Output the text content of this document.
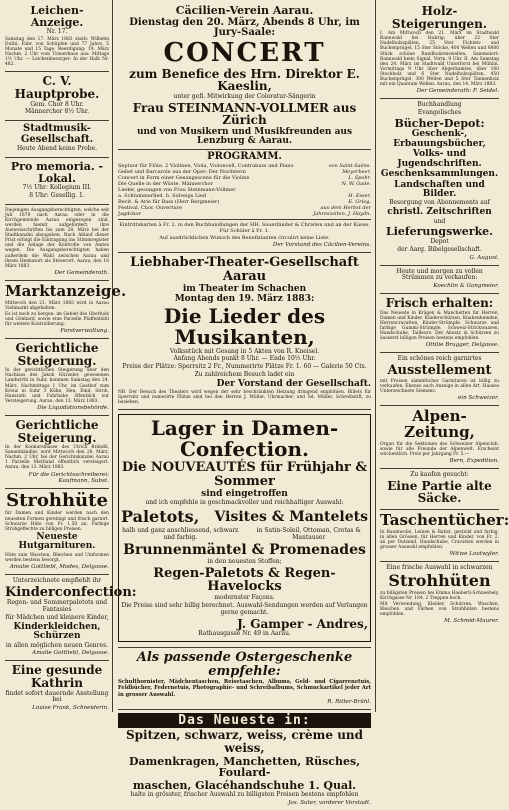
Leichen-Anzeige.
Nr. 17.
Samstag den 17. März 1883 starb: Wilhelm Duthi, Fabr. von Schüpfen und 77 Jahre, 5 Monate und 15 Tage. Beerdigung: 19. März Nachm. 2 Uhr vom Trauerhaus aus: Mittags 1½ Uhr. — Leichenbesorger: In der Halb Nr. 482.
C. V. Hauptprobe.
Gem. Chor 8 Uhr.
Männerchor 8½ Uhr.
Stadtmusik-Gesellschaft.
Heute Abend keine Probe.
Pro memoria. - Lokal.
7½ Uhr: Kollegium III.
8 Uhr: Gesellig. 1.
Diejenigen Ausgangsberechtigten, welche seit Juli 1879 nach Aarau oder in die Kirchgemeinde Aarau eingezogen sind, werden hiemit aufgefordert, ihre Ausweisschriften bis zum 28. März bei der Stadtkanzlei abzugeben. Nach Ablauf dieser Frist erfolgt die Eintragung ins Stimmregister und die Anlage der Kontrolle von Amtes wegen. Die Ausgangsberechtigten haben außerdem die Wahl zwischen Aarau und ihrem Heimatort als Steuerort. Aarau, den 16 März 1883.
Der Gemeinderath.
Marktanzeige.
Mittwoch den 21. März 1883 wird in Aarau Viehmarkt abgehalten.
Es ist noch zu bergen: im Gebiet des Oberholz und Gönhard, sowie eine Parzelle Pfaffenbühl für weitere Kontrollierung.
Forstverwaltung.
Gerichtliche Steigerung.
In der gerichtlichen Steigerung über den Nachlass des Jakob Hürzeler, gewesenen Landwirth in Suhr, kommen Samstag den 24. März, Nachmittags 1 Uhr, im Gasthof zum Kreuz in Suhr 3 Kühe, Heu, Emd, Stroh, Hausrath und Fahrhabe öffentlich zur Versteigerung. Aarau, den 13. März 1883.
Die Liquidationsbehörde.
Gerichtliche Steigerung.
In der Konkursmasse des Ulrich Brändli, Samenhändler, wird Mittwoch den 28. März, Nachm. 2 Uhr, bei der Gerichtskanzlei Aarau 1 Parzelle Mattland öffentlich versteigert. Aarau, den 13. März 1883.
Für die Gerichtsschreiberei: Kaufmann, Subst.
Strohhüte
für Damen und Kinder werden nach den neuesten Formen gereinigt und frisch garnirt. Schwarze Hüte von Fr. 1.50 an. Farbige Strohgeflechte zu billigen Preisen.
Neueste Hutgarnituren.
Hüte zum Waschen, Bleichen und Umformen werden bestens besorgt.
Amalie Gottliebl, Modes, Delgasse.
Unterzeichnete empfiehlt ihr
Kinderconfection:
Regen- und Sommerpaletots und Fantasies
für Mädchen und kleinere Kinder,
Kinderkleidchen, Schürzen
in allen möglichen neuen Genres.
Amalie Gottliebl, Delgasse.
Eine gesunde Kathrin
findet sofort dauernde Anstellung bei
Louise Frank, Schneiderin.
Cäcilien-Verein Aarau.
Dienstag den 20. März, Abends 8 Uhr, im Jury-Saale:
CONCERT
zum Benefice des Hrn. Direktor E. Kaeslin,
unter gefl. Mitwirkung der Coloratur-Sängerin
Frau STEINMANN-VOLLMER aus Zürich
und von Musikern und Musikfreunden aus Lenzburg & Aarau.
PROGRAMM.
Septuor für Flöte, 2 Violinen, Viola, Violoncell, Contrabass und Piano	von Saint-Saëns.
Gebet und Barcarole aus der Oper: Der Nordstern	Meyerbeer.
Concert in Form einer Gesangsscene für die Violine	L. Spohr.
Die Quelle in der Wüste, Männerchor	N. W. Gade.
Lieder, gesungen von Frau Steinmann-Vollmer
a. Schlummerlied. b. Solveigs Lied	H. Esser.
Recit. & Arie für Bass (Herr Bergmeier)	E. Grieg.
Festival, Chor. Ouverture	aus dem Herbst der
Jagdchor	Jahreszeiten. J. Haydn.
Eintrittskarten à Fr. 2. in den Buchhandlungen der HH. Sauerländer & Christen und an der Kasse. Für Schüler à Fr. 1.
Auf ausdrücklichen Wunsch des Benefizianten circulirt keine Liste.
Der Vorstand des Cäcilien-Vereins.
Liebhaber-Theater-Gesellschaft Aarau
im Theater im Schachen
Montag den 19. März 1883:
Die Lieder des Musikanten,
Volksstück mit Gesang in 5 Akten von R. Kneisel.
Anfang Abends punkt 8 Uhr. — Ende 10½ Uhr.
Preise der Plätze: Sperrsitz 2 Fr., Nummerirte Plätze Fr. 1. 60 — Galerie 50 Cts.
Zu zahlreichem Besuch ladet ein
Der Vorstand der Gesellschaft.
NB. Der Besuch des Theaters wird wegen der sehr beschränkten Heizung dringend empfohlen. Billets für Sperrsitz und numerirte Plätze sind bei den Herren J. Müller, Uhrmacher, und Sd. Müller, Schreibstift, zu beziehen.
Lager in Damen-Confection.
Die NOUVEAUTÉS für Frühjahr & Sommer
sind eingetroffen
und ich empfehle in geschmackvoller und reichhaltiger Auswahl:
Paletots, Visites & Mantelets
halb und ganz anschliessend, schwarz und farbig.
in Satin-Soleil, Ottoman, Cretas & Mantauser
Brunnenmäntel & Promenades
in den neuesten Stoffen;
Regen-Paletots & Regen-Havelocks
modernster Façons.
Die Preise sind sehr billig berechnet. Auswahl-Sendungen werden auf Verlangen gerne gemacht.
J. Gamper - Andres,
Rathausgasse Nr. 49 in Aarau.
Als passende Ostergeschenke empfehle:
Schulthornister, Mädchentaschen, Reisetaschen, Albums, Geld- und Cigarrenetuis, Feldbücher, Federnetuis, Photographie- und Schreibalbums, Schmuckartikel jeder Art in grosser Auswahl.
R. Ritter-Brühl.
Das Neueste in:
Spitzen, schwarz, weiss, crème und weiss,
Damenkragen, Manchetten, Rüsches, Foulard-
maschen, Glacéhandschuhe 1. Qual.
halte in grösster, frischer Auswahl zu billigsten Preisen bestens empfohlen
Jos. Suter, vorderer Vorstadt.
Holz-Steigerungen.
I. Am Mittwoch den 21. März im Stadtwald Bannwald bei Hubrig: über 22 Ster Nadelholzspälten, 25 Ster Fichten- und Buchenprügel, 15 Ster Stöcke, 400 Wellen und 8000 Stück schöne Rundholzreiswellen. Sammelort: Bannwald beim Signal, Vorm. 9 Uhr. II. Am Samstag den 24. März im Stadtwald Unterforst bei Mühlin. Vormittags 9 Uhr über Abgeräumtes, über 100 Stockholz und 6 Ster Nadelholzspälten, 450 Buchenprügel, 300 Wellen und 5 Ster Tannenholz mit ein Quantum Wellen. Aarau, den 14. März 1883.
Der Gemeinderath: F. Seidel.
Buchhandlung
Evangelisches
Bücher-Depot:
Geschenk-, Erbauungsbücher,
Volks- und Jugendschriften.
Geschenksammlungen.
Landschaften und Bilder.
Besorgung von Abonnements auf
christl. Zeitschriften
und
Lieferungswerke.
Depot
der Aarg. Bibelgesellschaft.
G. August.
Heute und morgen zu vollen Strümmen zu verkaufen:
Koechlin & Gangmeier.
Frisch erhalten:
Das Neueste in Krägen & Manchetten für Herren, Damen und Kinder. Kinderschürzen, Knabenhemden, Herrencravatten, Kinder-Strümpfe. Schwarze und farbige Gummi-Strümpfe, Schweiz-Strickwaaren, Handschuhe, Tailleurs. Der Absatz in Schürzen zu äusserst billigen Preisen bestens empfohlen.
Ottilie Brugger, Delgasse.
Ein schönes reich garnirtes
Ausstellement
mit Preisen sämmtlicher Garnituren ist billig zu verkaufen. Ebenso auch Anzeige in allen Art. Hauses Unterzeichnete Siemens.
ein Schweizer.
Alpen-Zeitung,
Organ für die Sektionen des Schweizer Alpenclub, sowie für alle Freunde der Alpenwelt. Erscheint wöchentlich. Preis per Jahrgang Fr. 5.—
Bern, Expedition.
Zu kaufen gesucht:
Eine Partie alte Säcke.
Taschentücher:
In Baumwolle, Leinen & Batist, gestickt und farbig, in allen Grössen, für Herren und Kinder, von Fr. 2. an per Dutzend. Handschuhe, Cravatten werden in grosser Auswahl empfohlen.
Witwe Loutwyler.
Eine frische Auswahl in schwarzen
Strohhüten
zu billigsten Preisen bei Emma Haeberli-Schneebely, Kirchgasse Nr. 184, 2 Treppen hoch.
Mit Verwendung, Kleider, Schürzen, Waschen, Bleichen und Färben von Strohhüten bestens empfohlen.
M. Schmid-Maurer.
